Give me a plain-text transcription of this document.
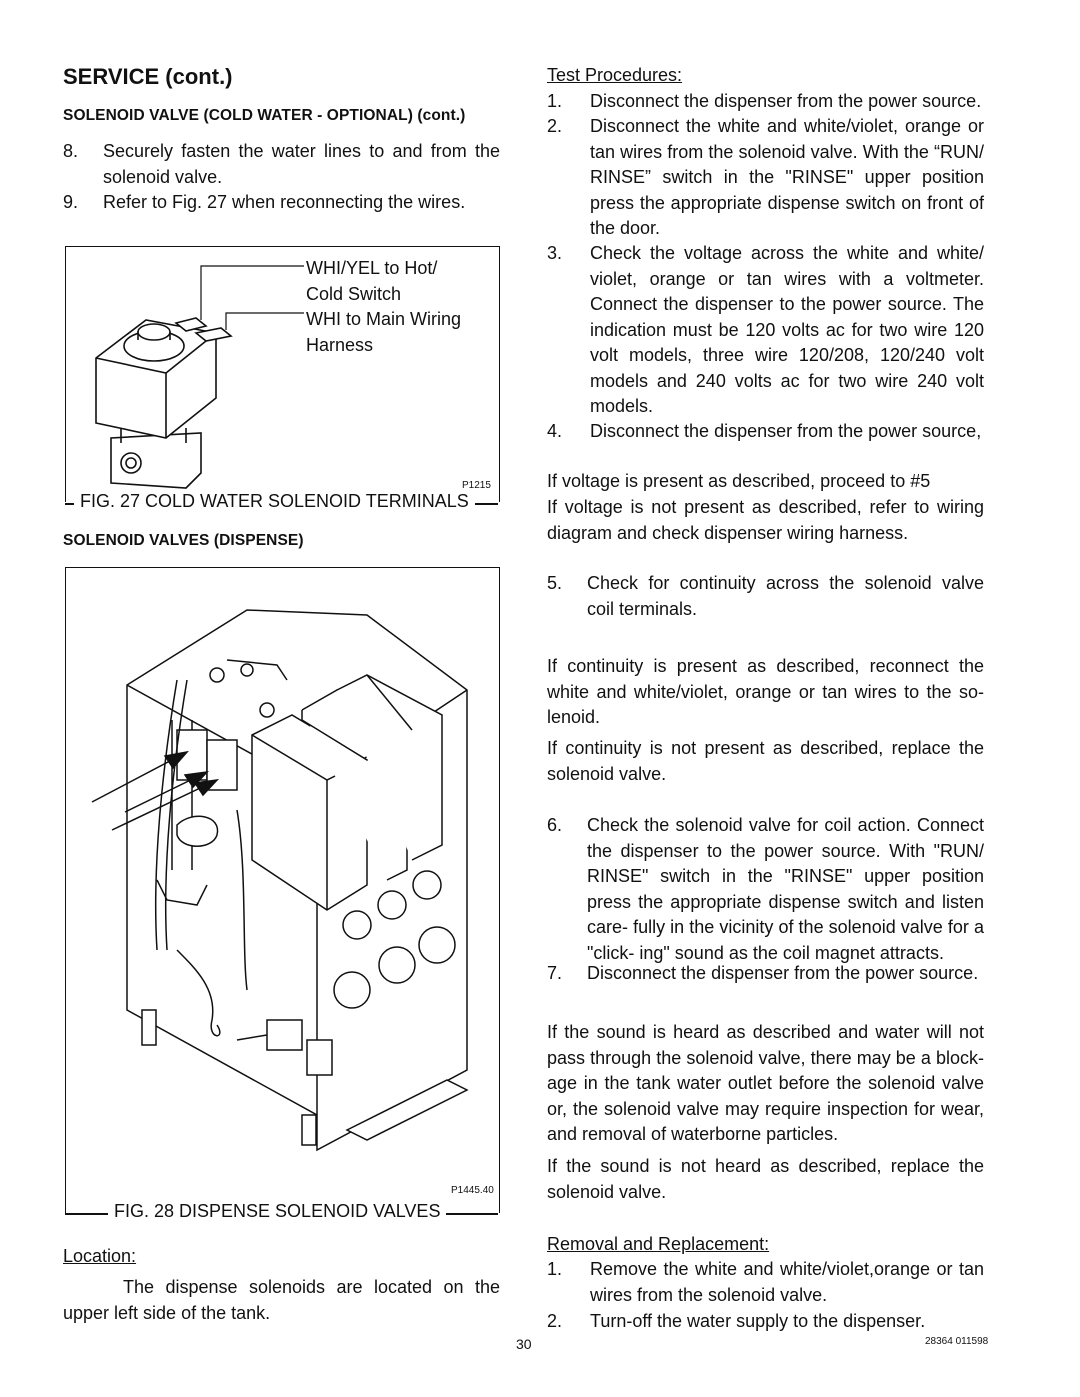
SERVICE (cont.)
SOLENOID VALVE (COLD WATER - OPTIONAL) (cont.)
8. Securely fasten the water lines to and from the solenoid valve.
9. Refer to Fig. 27 when reconnecting the wires.
WHI/YEL to Hot/
Cold Switch
WHI to Main Wiring
Harness
P1215
FIG. 27 COLD WATER SOLENOID TERMINALS
SOLENOID VALVES (DISPENSE)
P1445.40
FIG. 28 DISPENSE SOLENOID VALVES
Location:
The dispense solenoids are located on the upper left side of the tank.
Test Procedures:
1. Disconnect the dispenser from the power source.
2. Disconnect the white and white/violet, orange or tan wires from the solenoid valve. With the “RUN/ RINSE” switch in the "RINSE" upper position press the appropriate dispense switch on front of the door.
3. Check the voltage across the white and white/ violet, orange or tan wires with a voltmeter. Connect the dispenser to the power source. The indication must be 120 volts ac for two wire 120 volt models, three wire 120/208, 120/240 volt models and 240 volts ac for two wire 240 volt models.
4. Disconnect the dispenser from the power source,
If voltage is present as described, proceed to #5
If voltage is not present as described, refer to wiring diagram and check dispenser wiring harness.
5. Check for continuity across the solenoid valve coil terminals.
If continuity is present as described, reconnect the white and white/violet, orange or tan wires to the so- lenoid.
If continuity is not present as described, replace the solenoid valve.
6. Check the solenoid valve for coil action. Connect the dispenser to the power source. With "RUN/ RINSE" switch in the "RINSE" upper position press the appropriate dispense switch and listen care- fully in the vicinity of the solenoid valve for a "click- ing" sound as the coil magnet attracts.
7. Disconnect the dispenser from the power source.
If the sound is heard as described and water will not pass through the solenoid valve, there may be a block- age in the tank water outlet before the solenoid valve or, the solenoid valve may require inspection for wear, and removal of waterborne particles.
If the sound is not heard as described, replace the solenoid valve.
Removal and Replacement:
1. Remove the white and white/violet,orange or tan wires from the solenoid valve.
2. Turn-off the water supply to the dispenser.
30	28364 011598
